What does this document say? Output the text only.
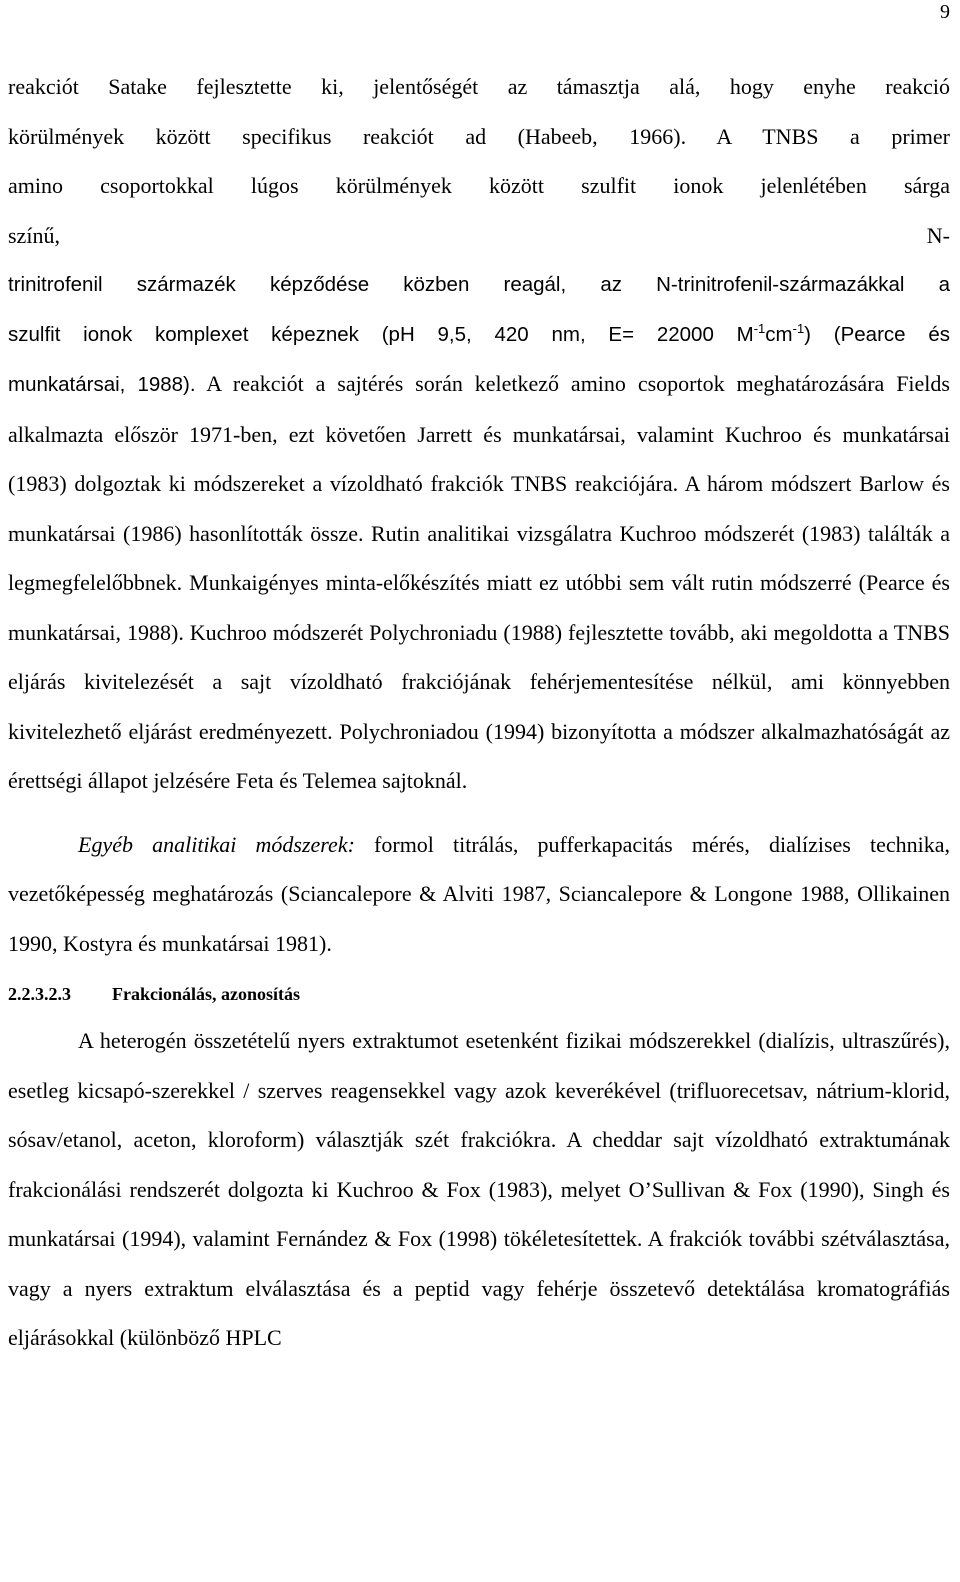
9
reakciót Satake fejlesztette ki, jelentőségét az támasztja alá, hogy enyhe reakció
körülmények között specifikus reakciót ad (Habeeb, 1966). A TNBS a primer
amino csoportokkal lúgos körülmények között szulfit ionok jelenlétében sárga
színű,	N-
trinitrofenil származék képződése közben reagál, az N-trinitrofenil-származákkal a
szulfit ionok komplexet képeznek (pH 9,5, 420 nm, E= 22000 $M^{-1}cm^{-1}$) (Pearce és

munkatársai, 1988). A reakciót a sajtérés során keletkező amino csoportok meghatározására Fields alkalmazta először 1971-ben, ezt követően Jarrett és munkatársai, valamint Kuchroo és munkatársai (1983) dolgoztak ki módszereket a vízoldható frakciók TNBS reakciójára. A három módszert Barlow és munkatársai (1986) hasonlították össze. Rutin analitikai vizsgálatra Kuchroo módszerét (1983) találták a legmegfelelőbbnek. Munkaigényes minta-előkészítés miatt ez utóbbi sem vált rutin módszerré (Pearce és munkatársai, 1988). Kuchroo módszerét Polychroniadu (1988) fejlesztette tovább, aki megoldotta a TNBS eljárás kivitelezését a sajt vízoldható frakciójának fehérjementesítése nélkül, ami könnyebben kivitelezhető eljárást eredményezett. Polychroniadou (1994) bizonyította a módszer alkalmazhatóságát az érettségi állapot jelzésére Feta és Telemea sajtoknál.

Egyéb analitikai módszerek: formol titrálás, pufferkapacitás mérés, dialízises technika, vezetőképesség meghatározás (Sciancalepore & Alviti 1987, Sciancalepore & Longone 1988, Ollikainen 1990, Kostyra és munkatársai 1981).

2.2.3.2.3	Frakcionálás, azonosítás

A heterogén összetételű nyers extraktumot esetenként fizikai módszerekkel (dialízis, ultraszűrés), esetleg kicsapó-szerekkel / szerves reagensekkel vagy azok keverékével (trifluorecetsav, nátrium-klorid, sósav/etanol, aceton, kloroform) választják szét frakciókra. A cheddar sajt vízoldható extraktumának frakcionálási rendszerét dolgozta ki Kuchroo & Fox (1983), melyet O’Sullivan & Fox (1990), Singh és munkatársai (1994), valamint Fernández & Fox (1998) tökéletesítettek. A frakciók további szétválasztása, vagy a nyers extraktum elválasztása és a peptid vagy fehérje összetevő detektálása kromatográfiás eljárásokkal (különböző HPLC
